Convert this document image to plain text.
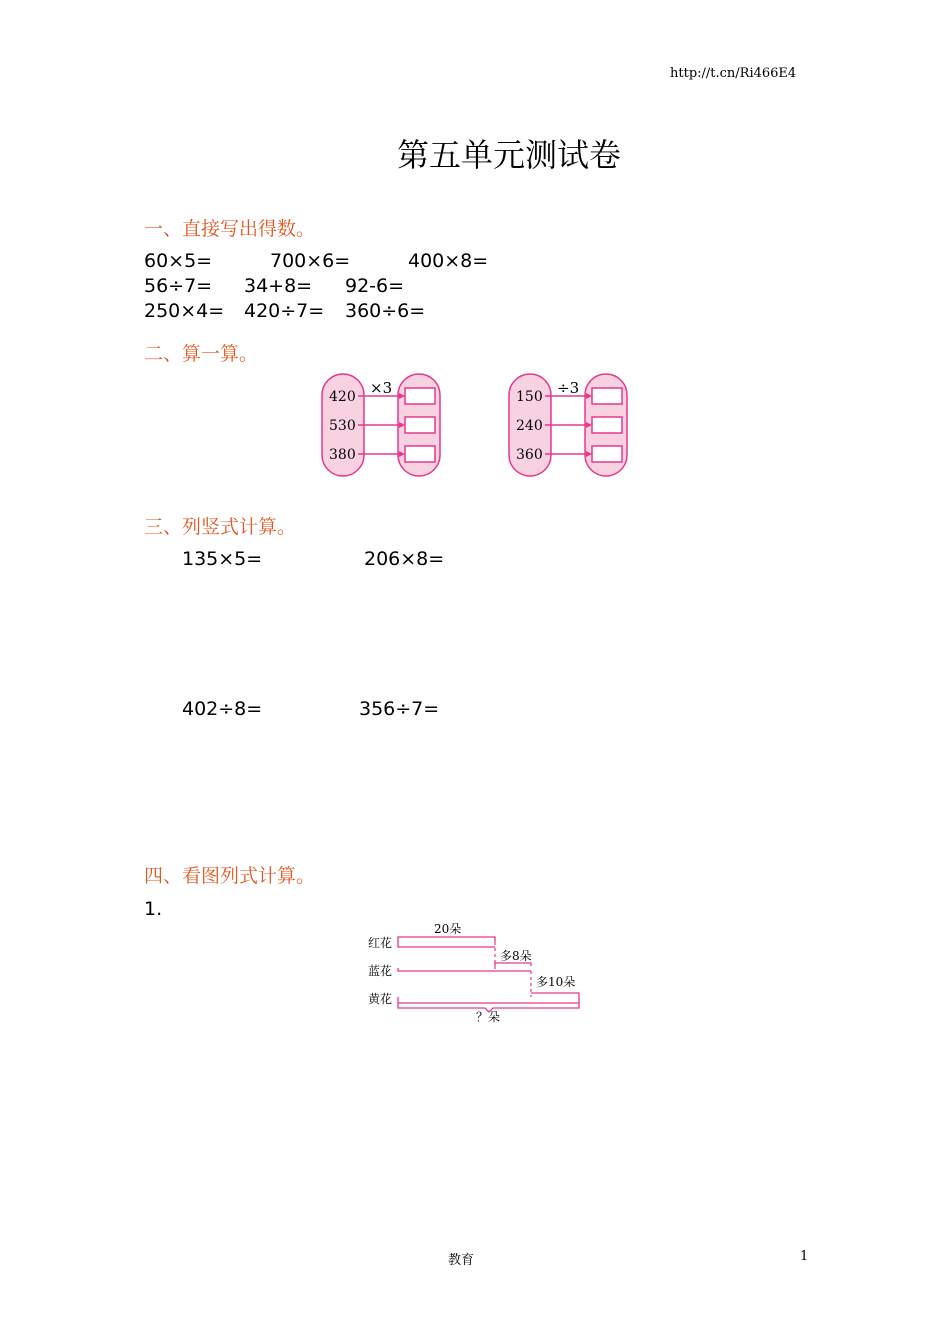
http://t.cn/Ri466E4
第五单元测试卷
一、直接写出得数。
60×5=	700×6=	400×8=
56÷7= 34+8= 92-6=
250×4= 420÷7= 360÷6=
二、算一算。
×3
420
530
380
÷3
150
240
360
三、列竖式计算。
135×5=	206×8=
402÷8=	356÷7=
四、看图列式计算。
1.
20朵
红花
多8朵
蓝花
多10朵
黄花
？朵
教育	1
